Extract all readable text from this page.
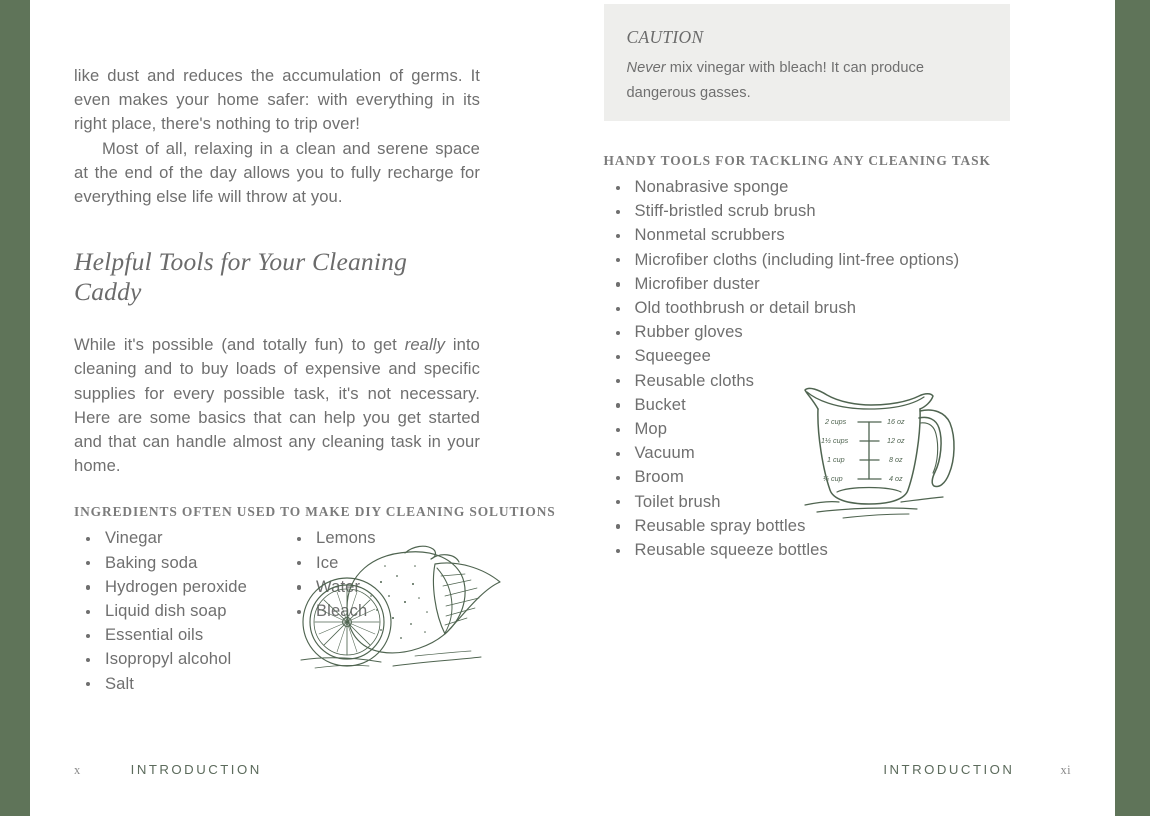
like dust and reduces the accumulation of germs. It even makes your home safer: with everything in its right place, there's nothing to trip over!

Most of all, relaxing in a clean and serene space at the end of the day allows you to fully recharge for everything else life will throw at you.

Helpful Tools for Your Cleaning Caddy

While it's possible (and totally fun) to get really into cleaning and to buy loads of expensive and specific supplies for every possible task, it's not necessary. Here are some basics that can help you get started and that can handle almost any cleaning task in your home.

INGREDIENTS OFTEN USED TO MAKE DIY CLEANING SOLUTIONS
Vinegar
Baking soda
Hydrogen peroxide
Liquid dish soap
Essential oils
Isopropyl alcohol
Salt
Lemons
Ice
Water
Bleach
x	INTRODUCTION
CAUTION

Never mix vinegar with bleach! It can produce dangerous gasses.

HANDY TOOLS FOR TACKLING ANY CLEANING TASK
Nonabrasive sponge
Stiff-bristled scrub brush
Nonmetal scrubbers
Microfiber cloths (including lint-free options)
Microfiber duster
Old toothbrush or detail brush
Rubber gloves
Squeegee
Reusable cloths
Bucket
Mop
Vacuum
Broom
Toilet brush
Reusable spray bottles
Reusable squeeze bottles
2 cups	16 oz
1½ cups	12 oz
1 cup	8 oz
½ cup	4 oz
INTRODUCTION	xi
